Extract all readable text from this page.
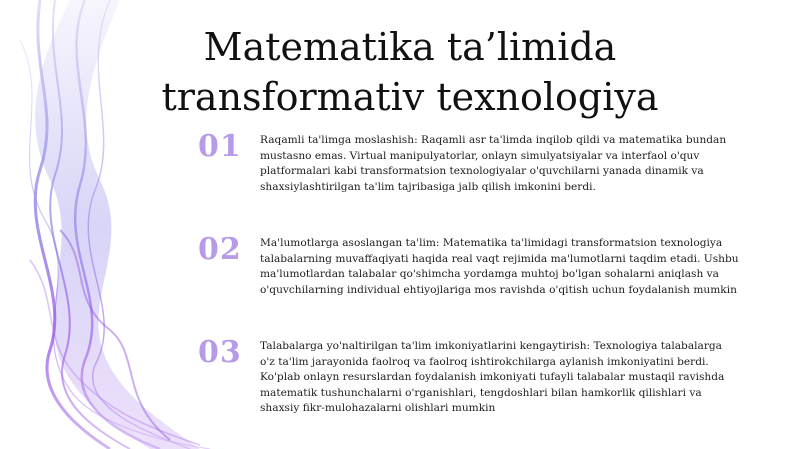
Matematika ta’limida
transformativ texnologiya
01 Raqamli ta'limga moslashish: Raqamli asr ta'limda inqilob qildi va matematika bundan mustasno emas. Virtual manipulyatorlar, onlayn simulyatsiyalar va interfaol o'quv platformalari kabi transformatsion texnologiyalar o'quvchilarni yanada dinamik va shaxsiylashtirilgan ta'lim tajribasiga jalb qilish imkonini berdi.

02 Ma'lumotlarga asoslangan ta'lim: Matematika ta'limidagi transformatsion texnologiya talabalarning muvaffaqiyati haqida real vaqt rejimida ma'lumotlarni taqdim etadi. Ushbu ma'lumotlardan talabalar qo'shimcha yordamga muhtoj bo'lgan sohalarni aniqlash va o'quvchilarning individual ehtiyojlariga mos ravishda o'qitish uchun foydalanish mumkin

03 Talabalarga yo'naltirilgan ta'lim imkoniyatlarini kengaytirish: Texnologiya talabalarga o'z ta'lim jarayonida faolroq va faolroq ishtirokchilarga aylanish imkoniyatini berdi. Ko'plab onlayn resurslardan foydalanish imkoniyati tufayli talabalar mustaqil ravishda matematik tushunchalarni o'rganishlari, tengdoshlari bilan hamkorlik qilishlari va shaxsiy fikr-mulohazalarni olishlari mumkin
